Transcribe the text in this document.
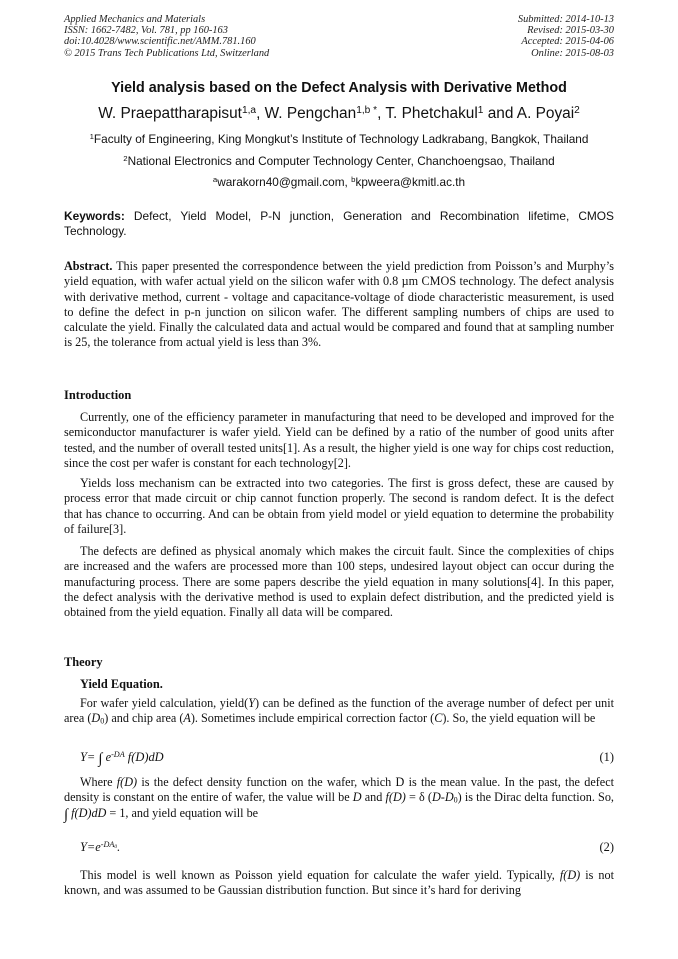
Applied Mechanics and Materials
ISSN: 1662-7482, Vol. 781, pp 160-163
doi:10.4028/www.scientific.net/AMM.781.160
© 2015 Trans Tech Publications Ltd, Switzerland
Submitted: 2014-10-13
Revised: 2015-03-30
Accepted: 2015-04-06
Online: 2015-08-03
Yield analysis based on the Defect Analysis with Derivative Method
W. Praepattharapisut$^{1,a}$, W. Pengchan$^{1,b *}$, T. Phetchakul$^1$ and A. Poyai$^2$
$^1$Faculty of Engineering, King Mongkut’s Institute of Technology Ladkrabang, Bangkok, Thailand
$^2$National Electronics and Computer Technology Center, Chanchoengsao, Thailand
$^a$warakorn40@gmail.com, $^b$kpweera@kmitl.ac.th
Keywords: Defect, Yield Model, P-N junction, Generation and Recombination lifetime, CMOS Technology.
Abstract. This paper presented the correspondence between the yield prediction from Poisson’s and Murphy’s yield equation, with wafer actual yield on the silicon wafer with 0.8 µm CMOS technology. The defect analysis with derivative method, current - voltage and capacitance-voltage of diode characteristic measurement, is used to define the defect in p-n junction on silicon wafer. The different sampling numbers of chips are used to calculate the yield. Finally the calculated data and actual would be compared and found that at sampling number is 25, the tolerance from actual yield is less than 3%.
Introduction
Currently, one of the efficiency parameter in manufacturing that need to be developed and improved for the semiconductor manufacturer is wafer yield. Yield can be defined by a ratio of the number of good units after tested, and the number of overall tested units[1]. As a result, the higher yield is one way for chips cost reduction, since the cost per wafer is constant for each technology[2].
Yields loss mechanism can be extracted into two categories. The first is gross defect, these are caused by process error that made circuit or chip cannot function properly. The second is random defect. It is the defect that has chance to occurring. And can be obtain from yield model or yield equation to determine the probability of failure[3].
The defects are defined as physical anomaly which makes the circuit fault. Since the complexities of chips are increased and the wafers are processed more than 100 steps, undesired layout object can occur during the manufacturing process. There are some papers describe the yield equation in many solutions[4]. In this paper, the defect analysis with the derivative method is used to explain defect distribution, and the predicted yield is obtained from the yield equation. Finally all data will be compared.
Theory
Yield Equation.
For wafer yield calculation, yield(Y) can be defined as the function of the average number of defect per unit area $(D_0)$ and chip area (A). Sometimes include empirical correction factor (C). So, the yield equation will be
Y= ∫ $e^{-DA}$ f(D)dD	(1)
Where f(D) is the defect density function on the wafer, which D is the mean value. In the past, the defect density is constant on the entire of wafer, the value will be D and f(D) = δ $(D-D_0)$ is the Dirac delta function. So, ∫ f(D)dD = 1, and yield equation will be
$Y=e^{-DA_0}$.	(2)
This model is well known as Poisson yield equation for calculate the wafer yield. Typically, f(D) is not known, and was assumed to be Gaussian distribution function. But since it’s hard for deriving
